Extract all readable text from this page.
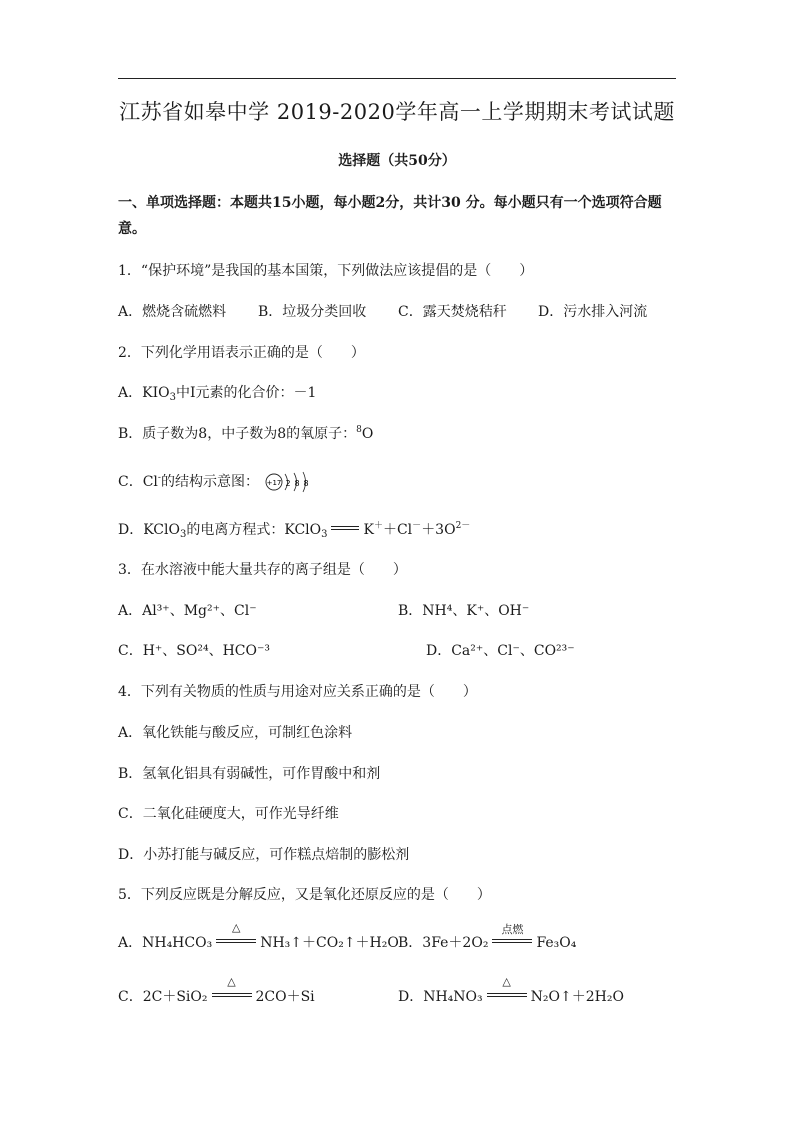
江苏省如皋中学 2019-2020学年高一上学期期末考试试题
选择题（共50分）
一、单项选择题：本题共15小题，每小题2分，共计30 分。每小题只有一个选项符合题
意。
1．“保护环境”是我国的基本国策，下列做法应该提倡的是（　　）
A．燃烧含硫燃料 B．垃圾分类回收 C．露天焚烧秸秆 D．污水排入河流
2．下列化学用语表示正确的是（　　）
A．$KIO_3$中I元素的化合价：－1
B．质子数为8，中子数为8的氧原子：$^8$O
C．Cl-的结构示意图： +17 2 8 8
D．KClO$_3$的电离方程式：KClO$_3$	$K^++Cl^-+3O^{2-}$
3．在水溶液中能大量共存的离子组是（　　）
A．Al³⁺、Mg²⁺、Cl⁻	B．NH⁴、K⁺、OH⁻
C．H⁺、SO²⁴、HCO⁻³	D．Ca²⁺、Cl⁻、CO²³⁻
4．下列有关物质的性质与用途对应关系正确的是（　　）
A．氧化铁能与酸反应，可制红色涂料
B．氢氧化铝具有弱碱性，可作胃酸中和剂
C．二氧化硅硬度大，可作光导纤维
D．小苏打能与碱反应，可作糕点焙制的膨松剂
5．下列反应既是分解反应，又是氧化还原反应的是（　　）
A．NH₄HCO₃
△
NH₃↑＋CO₂↑＋H₂O B．3Fe＋2O₂
点燃
Fe₃O₄
C．2C＋SiO₂
△
2CO＋Si	D．NH₄NO₃
△
N₂O↑＋2H₂O
